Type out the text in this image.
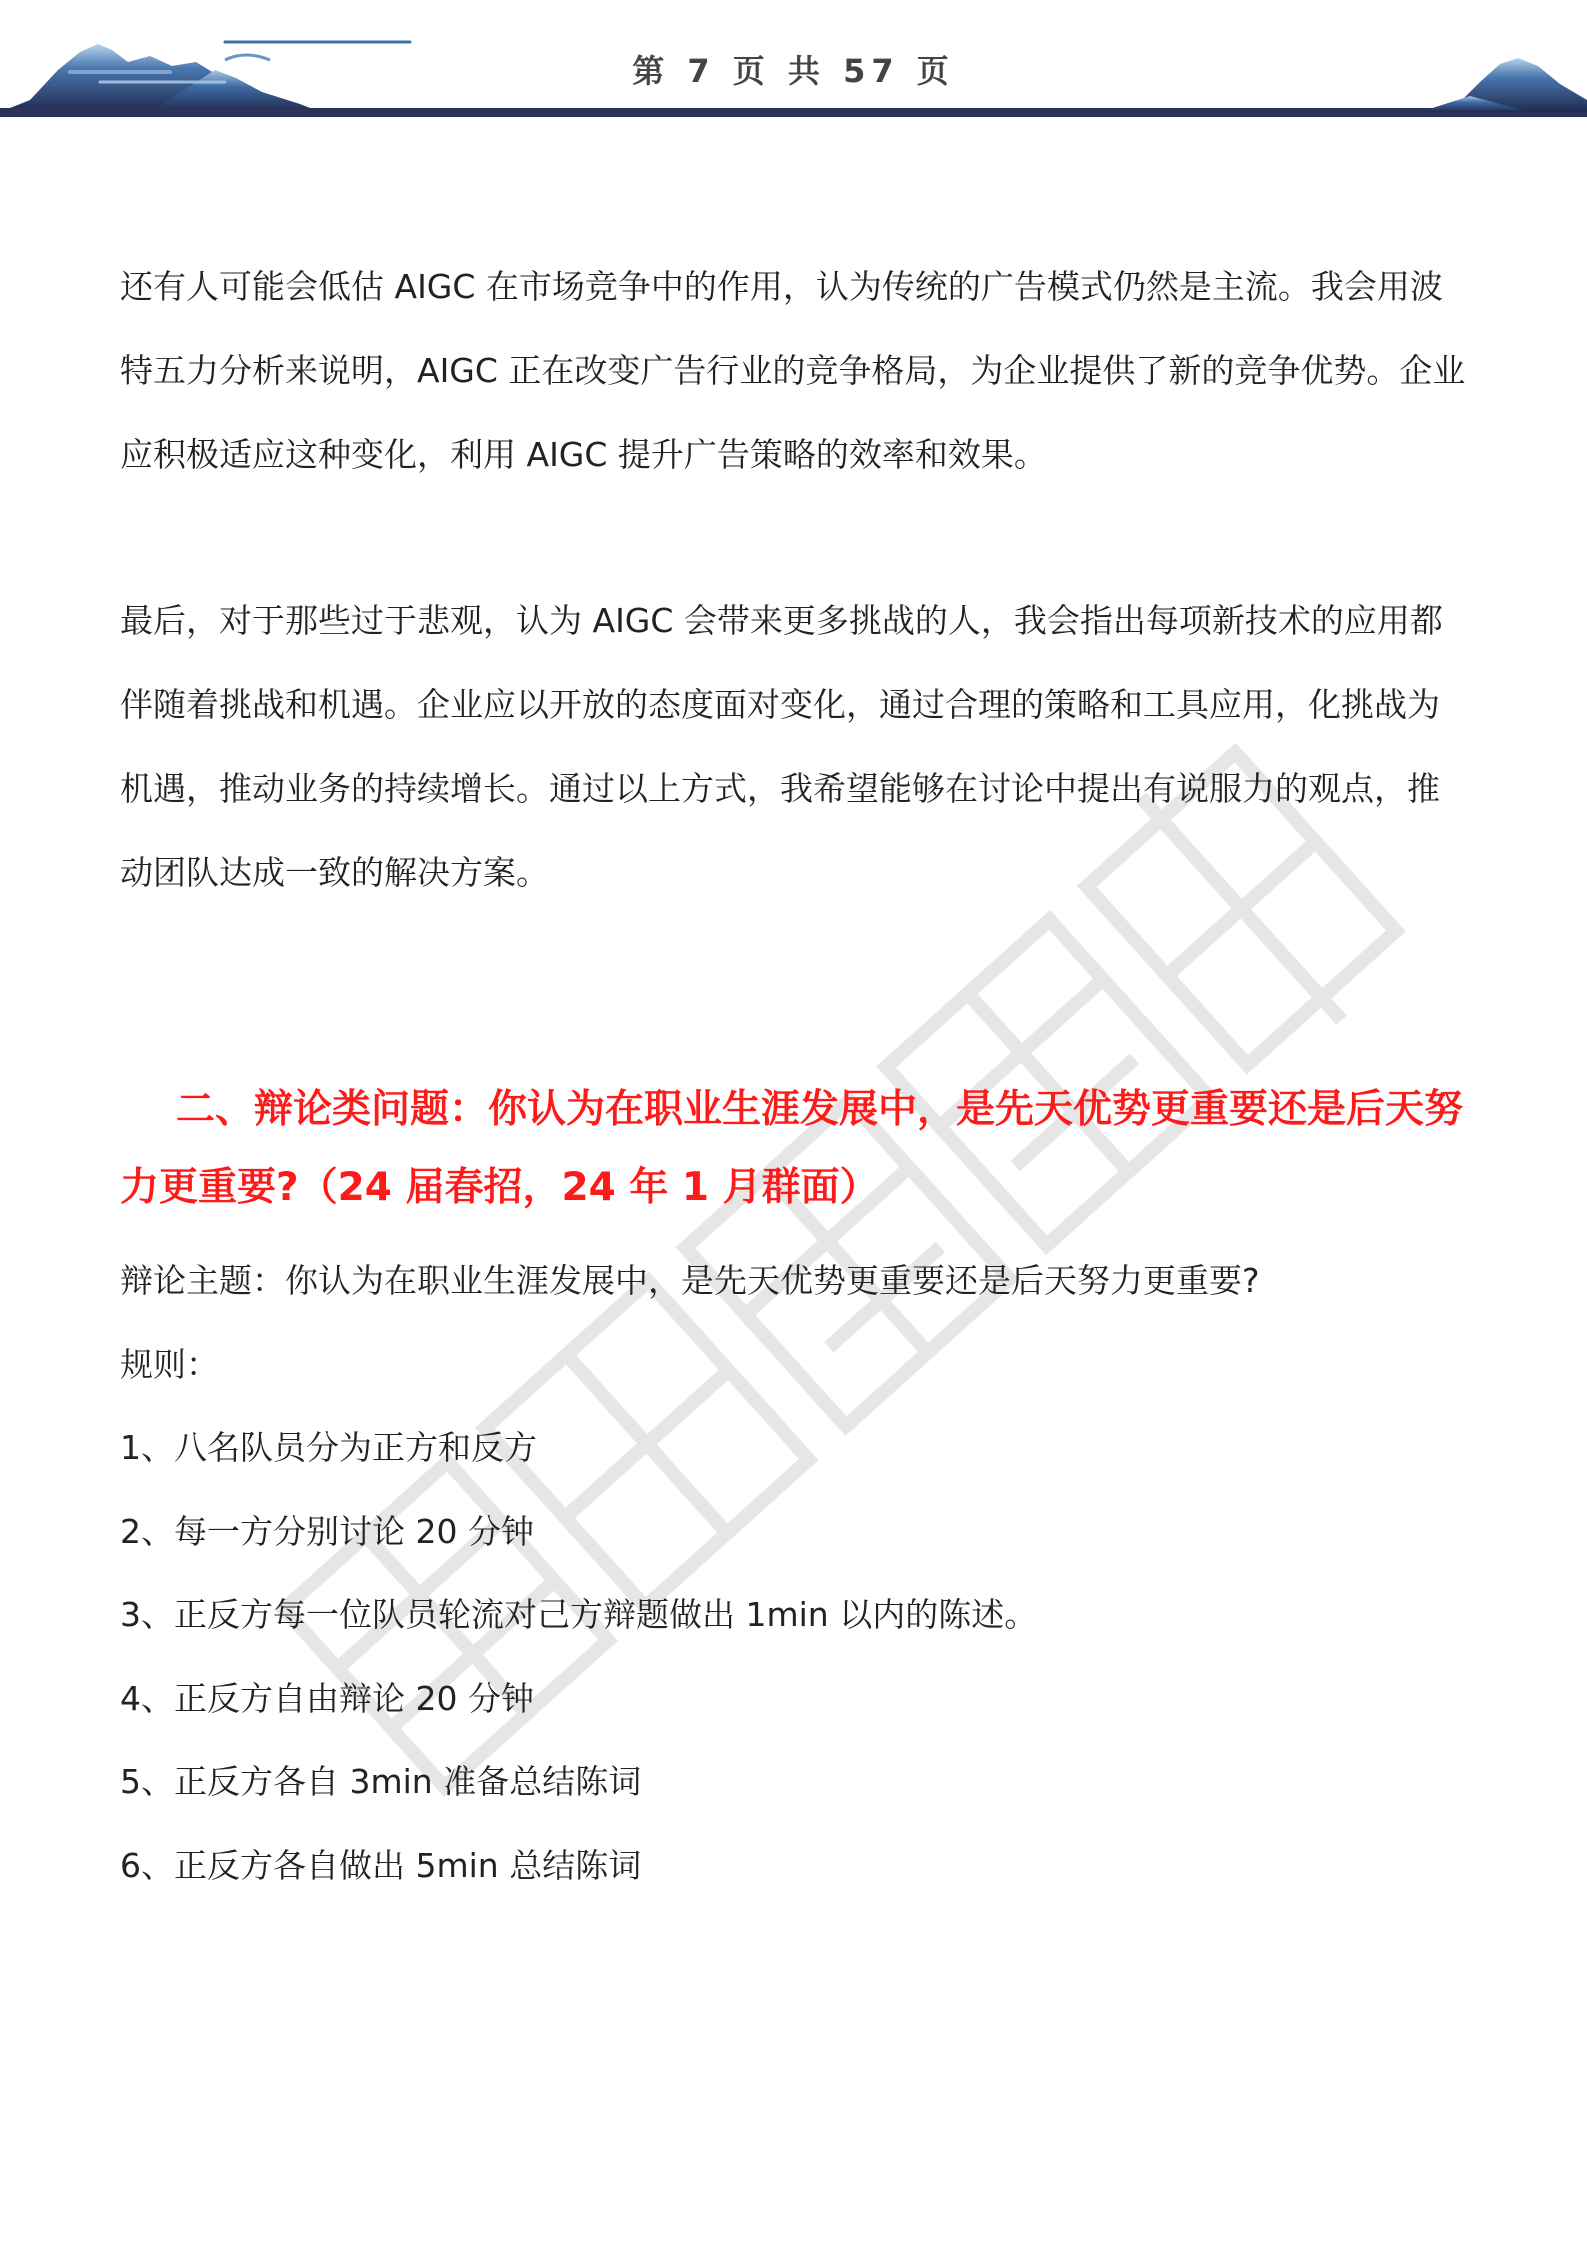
第 7 页 共 57 页

还有人可能会低估 AIGC 在市场竞争中的作用，认为传统的广告模式仍然是主流。我会用波特五力分析来说明，AIGC 正在改变广告行业的竞争格局，为企业提供了新的竞争优势。企业应积极适应这种变化，利用 AIGC 提升广告策略的效率和效果。

最后，对于那些过于悲观，认为 AIGC 会带来更多挑战的人，我会指出每项新技术的应用都伴随着挑战和机遇。企业应以开放的态度面对变化，通过合理的策略和工具应用，化挑战为机遇，推动业务的持续增长。通过以上方式，我希望能够在讨论中提出有说服力的观点，推动团队达成一致的解决方案。

二、辩论类问题：你认为在职业生涯发展中，是先天优势更重要还是后天努力更重要?（24 届春招，24 年 1 月群面）

辩论主题：你认为在职业生涯发展中，是先天优势更重要还是后天努力更重要?

规则：

1、八名队员分为正方和反方

2、每一方分别讨论 20 分钟

3、正反方每一位队员轮流对己方辩题做出 1min 以内的陈述。

4、正反方自由辩论 20 分钟

5、正反方各自 3min 准备总结陈词

6、正反方各自做出 5min 总结陈词
